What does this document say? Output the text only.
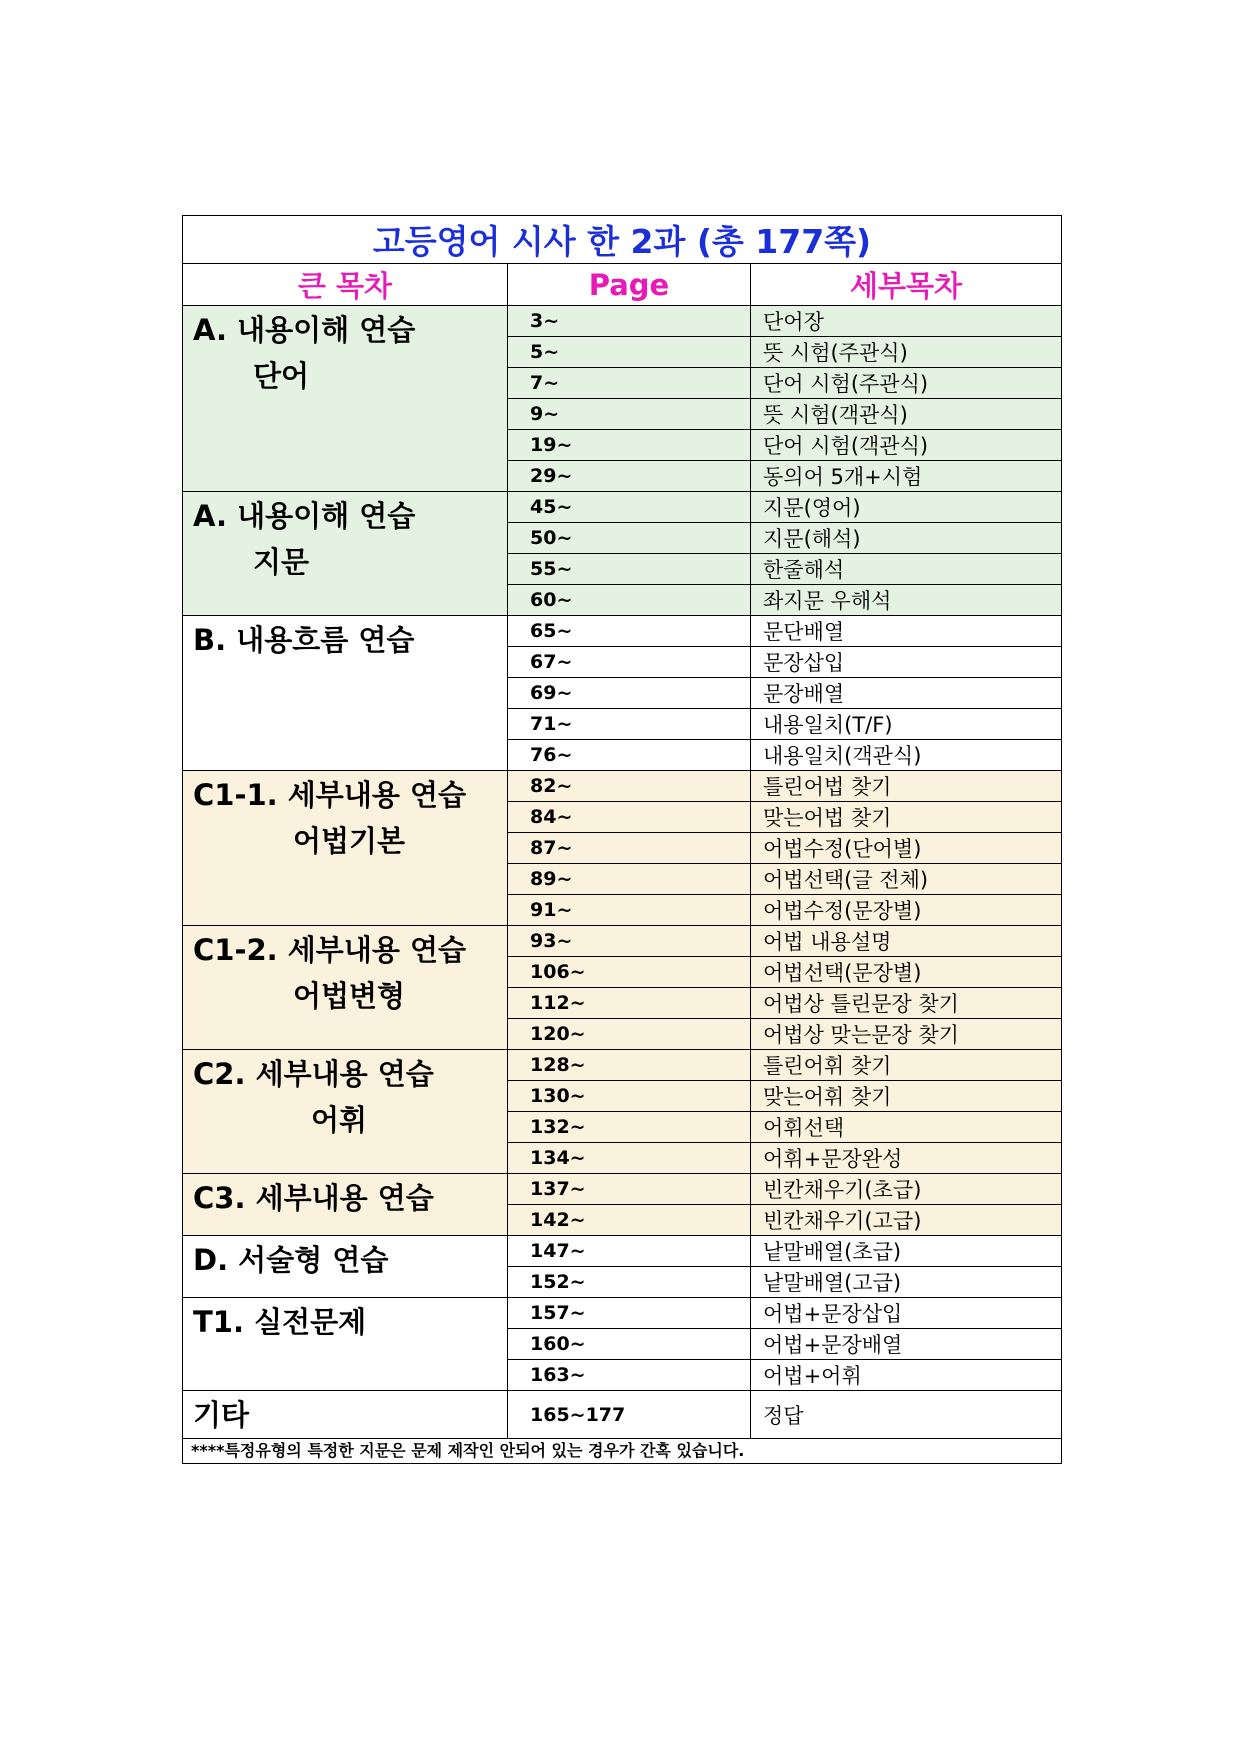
고등영어 시사 한 2과 (총 177쪽)		
큰 목차	Page	세부목차

A. 내용이해 연습
단어	3~	단어장
	5~	뜻 시험(주관식)
	7~	단어 시험(주관식)
	9~	뜻 시험(객관식)
	19~	단어 시험(객관식)
	29~	동의어 5개+시험

A. 내용이해 연습
지문	45~	지문(영어)
	50~	지문(해석)
	55~	한줄해석
	60~	좌지문 우해석

B. 내용흐름 연습	65~	문단배열
	67~	문장삽입
	69~	문장배열
	71~	내용일치(T/F)
	76~	내용일치(객관식)

C1-1. 세부내용 연습
어법기본	82~	틀린어법 찾기
	84~	맞는어법 찾기
	87~	어법수정(단어별)
	89~	어법선택(글 전체)
	91~	어법수정(문장별)

C1-2. 세부내용 연습
어법변형	93~	어법 내용설명
	106~	어법선택(문장별)
	112~	어법상 틀린문장 찾기
	120~	어법상 맞는문장 찾기

C2. 세부내용 연습
어휘	128~	틀린어휘 찾기
	130~	맞는어휘 찾기
	132~	어휘선택
	134~	어휘+문장완성

C3. 세부내용 연습	137~	빈칸채우기(초급)
	142~	빈칸채우기(고급)

D. 서술형 연습	147~	낱말배열(초급)
	152~	낱말배열(고급)

T1. 실전문제	157~	어법+문장삽입
	160~	어법+문장배열
	163~	어법+어휘

기타	165~177	정답
****특정유형의 특정한 지문은 문제 제작인 안되어 있는 경우가 간혹 있습니다.		
